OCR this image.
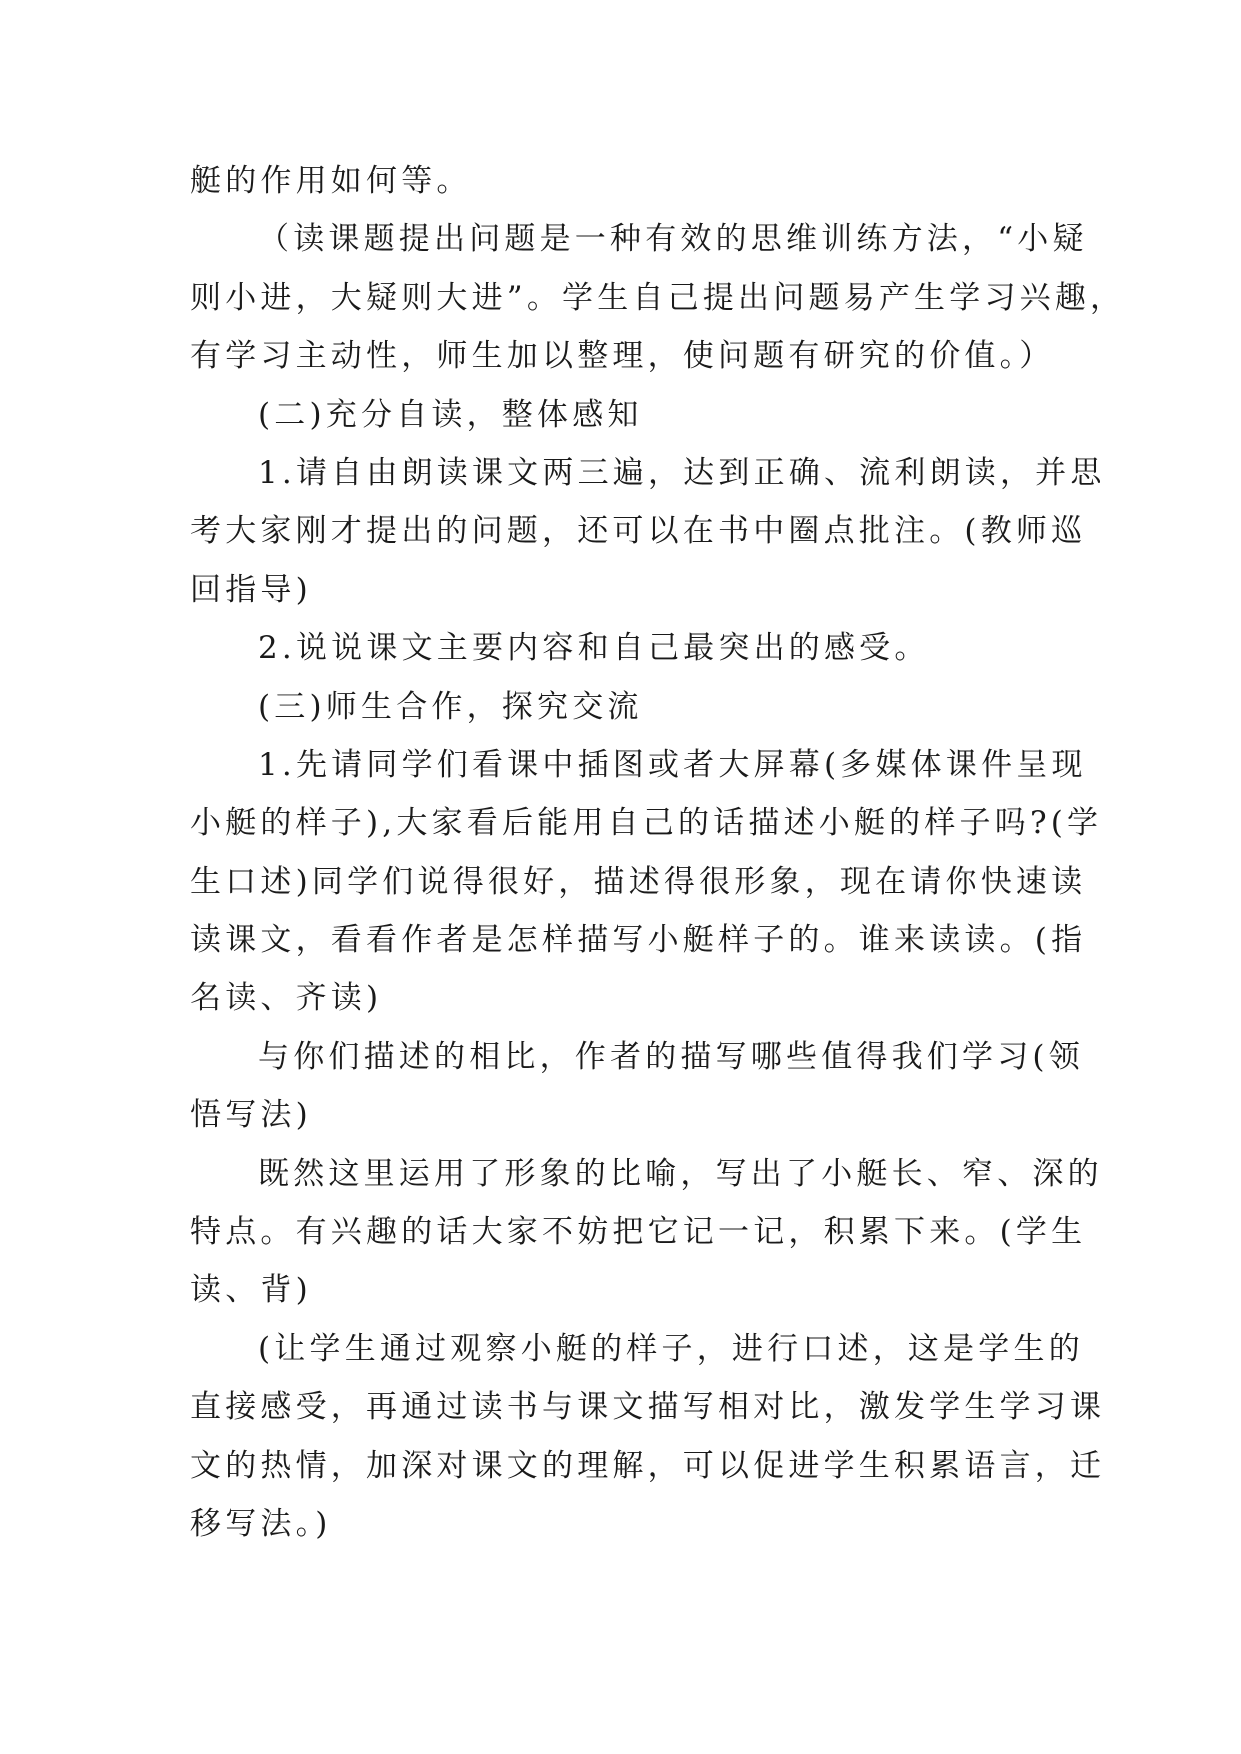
艇的作用如何等。
（读课题提出问题是一种有效的思维训练方法，“小疑
则小进，大疑则大进”。学生自己提出问题易产生学习兴趣，
有学习主动性，师生加以整理，使问题有研究的价值。）
(二)充分自读，整体感知
1.请自由朗读课文两三遍，达到正确、流利朗读，并思
考大家刚才提出的问题，还可以在书中圈点批注。(教师巡
回指导)
2.说说课文主要内容和自己最突出的感受。
(三)师生合作，探究交流
1.先请同学们看课中插图或者大屏幕(多媒体课件呈现
小艇的样子),大家看后能用自己的话描述小艇的样子吗?(学
生口述)同学们说得很好，描述得很形象，现在请你快速读
读课文，看看作者是怎样描写小艇样子的。谁来读读。(指
名读、齐读)
与你们描述的相比，作者的描写哪些值得我们学习(领
悟写法)
既然这里运用了形象的比喻，写出了小艇长、窄、深的
特点。有兴趣的话大家不妨把它记一记，积累下来。(学生
读、背)
(让学生通过观察小艇的样子，进行口述，这是学生的
直接感受，再通过读书与课文描写相对比，激发学生学习课
文的热情，加深对课文的理解，可以促进学生积累语言，迁
移写法。)
